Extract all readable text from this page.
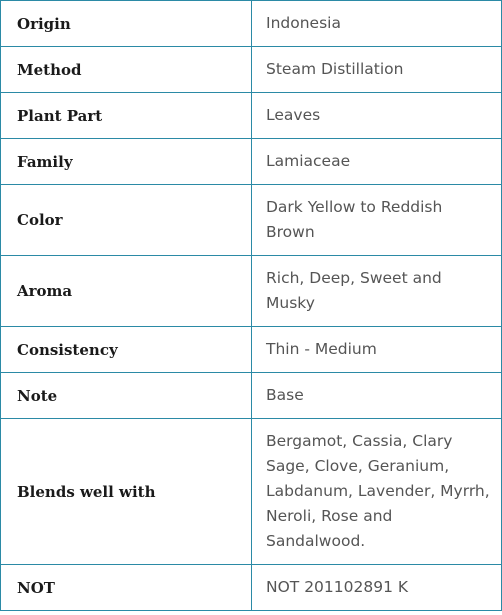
Origin	Indonesia
Method	Steam Distillation
Plant Part	Leaves
Family	Lamiaceae
Color	Dark Yellow to Reddish Brown
Aroma	Rich, Deep, Sweet and Musky
Consistency	Thin - Medium
Note	Base
Blends well with	Bergamot, Cassia, Clary Sage, Clove, Geranium, Labdanum, Lavender, Myrrh, Neroli, Rose and Sandalwood.
NOT	NOT 201102891 K
